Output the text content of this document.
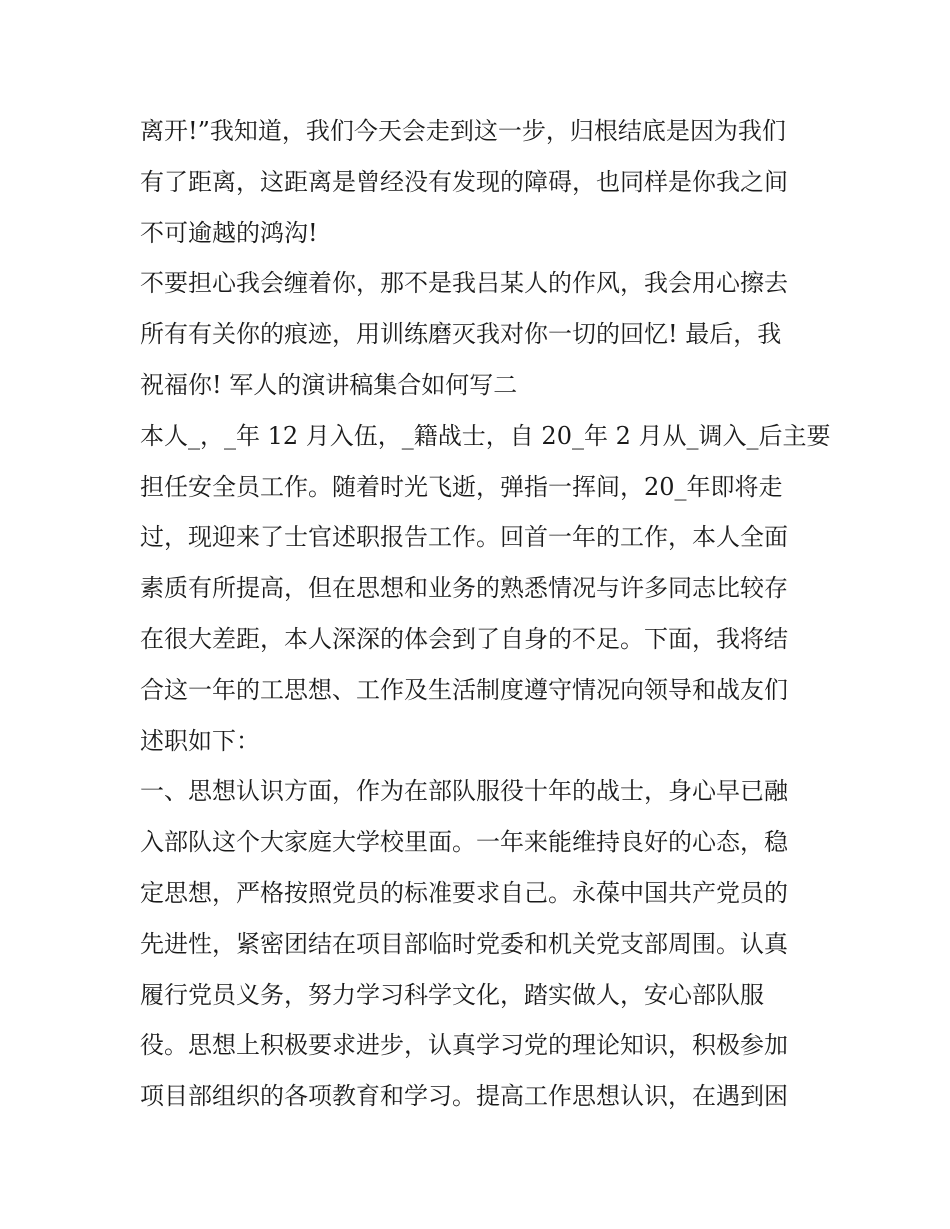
离开!”我知道，我们今天会走到这一步，归根结底是因为我们

有了距离，这距离是曾经没有发现的障碍，也同样是你我之间

不可逾越的鸿沟!

不要担心我会缠着你，那不是我吕某人的作风，我会用心擦去

所有有关你的痕迹，用训练磨灭我对你一切的回忆! 最后，我

祝福你! 军人的演讲稿集合如何写二

本人_，_年 12 月入伍，_籍战士，自 20_年 2 月从_调入_后主要

担任安全员工作。随着时光飞逝，弹指一挥间，20_年即将走

过，现迎来了士官述职报告工作。回首一年的工作，本人全面

素质有所提高，但在思想和业务的熟悉情况与许多同志比较存

在很大差距，本人深深的体会到了自身的不足。下面，我将结

合这一年的工思想、工作及生活制度遵守情况向领导和战友们

述职如下：

一、思想认识方面，作为在部队服役十年的战士，身心早已融

入部队这个大家庭大学校里面。一年来能维持良好的心态，稳

定思想，严格按照党员的标准要求自己。永葆中国共产党员的

先进性，紧密团结在项目部临时党委和机关党支部周围。认真

履行党员义务，努力学习科学文化，踏实做人，安心部队服

役。思想上积极要求进步，认真学习党的理论知识，积极参加

项目部组织的各项教育和学习。提高工作思想认识，在遇到困
